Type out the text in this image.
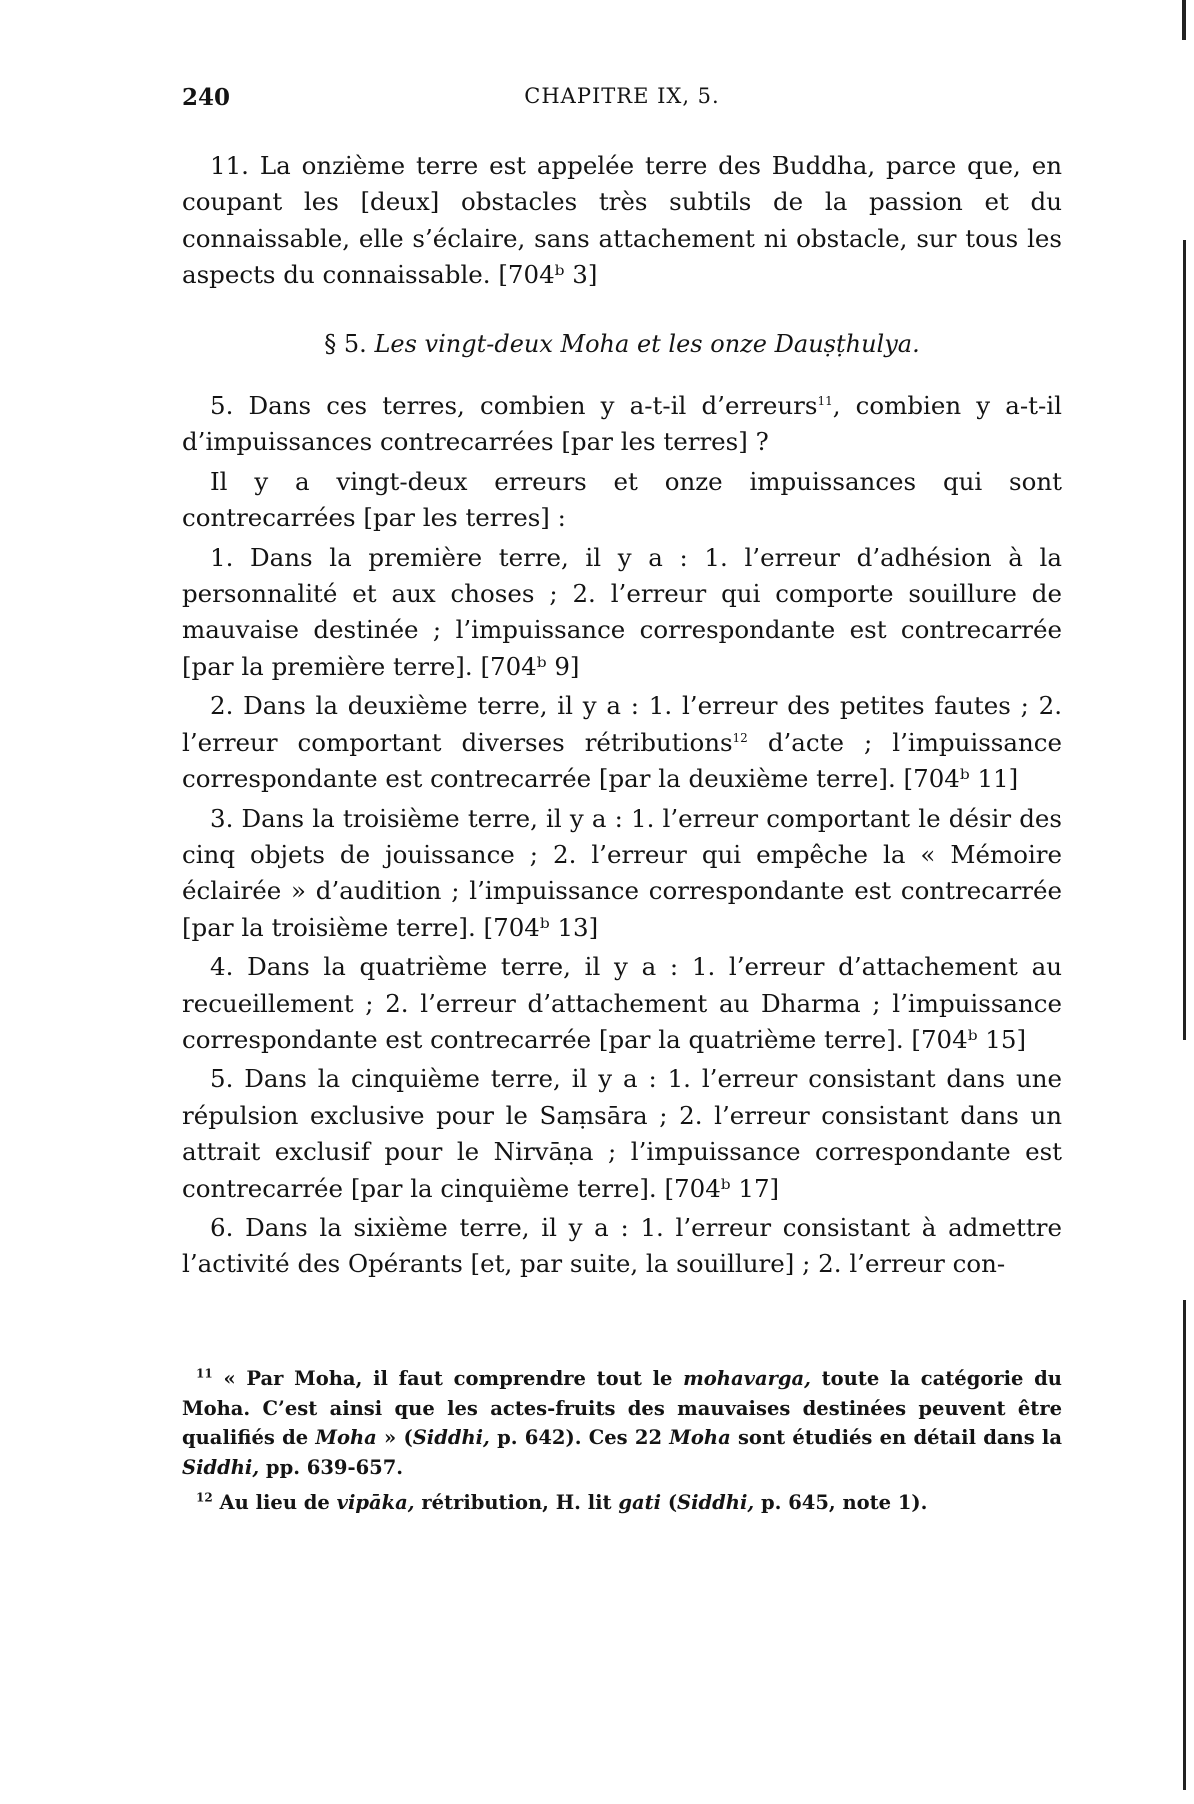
240	CHAPITRE IX, 5.

11. La onzième terre est appelée terre des Buddha, parce que, en coupant les [deux] obstacles très subtils de la passion et du connaissable, elle s’éclaire, sans attachement ni obstacle, sur tous les aspects du connaissable. [704ᵇ 3]

§ 5. Les vingt-deux Moha et les onze Dauṣṭhulya.

5. Dans ces terres, combien y a-t-il d’erreurs$^{11}$, combien y a-t-il d’impuissances contrecarrées [par les terres] ?

Il y a vingt-deux erreurs et onze impuissances qui sont contrecarrées [par les terres] :

1. Dans la première terre, il y a : 1. l’erreur d’adhésion à la personnalité et aux choses ; 2. l’erreur qui comporte souillure de mauvaise destinée ; l’impuissance correspondante est contrecarrée [par la première terre]. [704ᵇ 9]

2. Dans la deuxième terre, il y a : 1. l’erreur des petites fautes ; 2. l’erreur comportant diverses rétributions$^{12}$ d’acte ; l’impuissance correspondante est contrecarrée [par la deuxième terre]. [704ᵇ 11]

3. Dans la troisième terre, il y a : 1. l’erreur comportant le désir des cinq objets de jouissance ; 2. l’erreur qui empêche la « Mémoire éclairée » d’audition ; l’impuissance correspondante est contrecarrée [par la troisième terre]. [704ᵇ 13]

4. Dans la quatrième terre, il y a : 1. l’erreur d’attachement au recueillement ; 2. l’erreur d’attachement au Dharma ; l’impuissance correspondante est contrecarrée [par la quatrième terre]. [704ᵇ 15]

5. Dans la cinquième terre, il y a : 1. l’erreur consistant dans une répulsion exclusive pour le Saṃsāra ; 2. l’erreur consistant dans un attrait exclusif pour le Nirvāṇa ; l’impuissance correspondante est contrecarrée [par la cinquième terre]. [704ᵇ 17]

6. Dans la sixième terre, il y a : 1. l’erreur consistant à admettre l’activité des Opérants [et, par suite, la souillure] ; 2. l’erreur con-

$^{11}$ « Par Moha, il faut comprendre tout le mohavarga, toute la catégorie du Moha. C’est ainsi que les actes-fruits des mauvaises destinées peuvent être qualifiés de Moha » (Siddhi, p. 642). Ces 22 Moha sont étudiés en détail dans la Siddhi, pp. 639-657.

$^{12}$ Au lieu de vipāka, rétribution, H. lit gati (Siddhi, p. 645, note 1).
